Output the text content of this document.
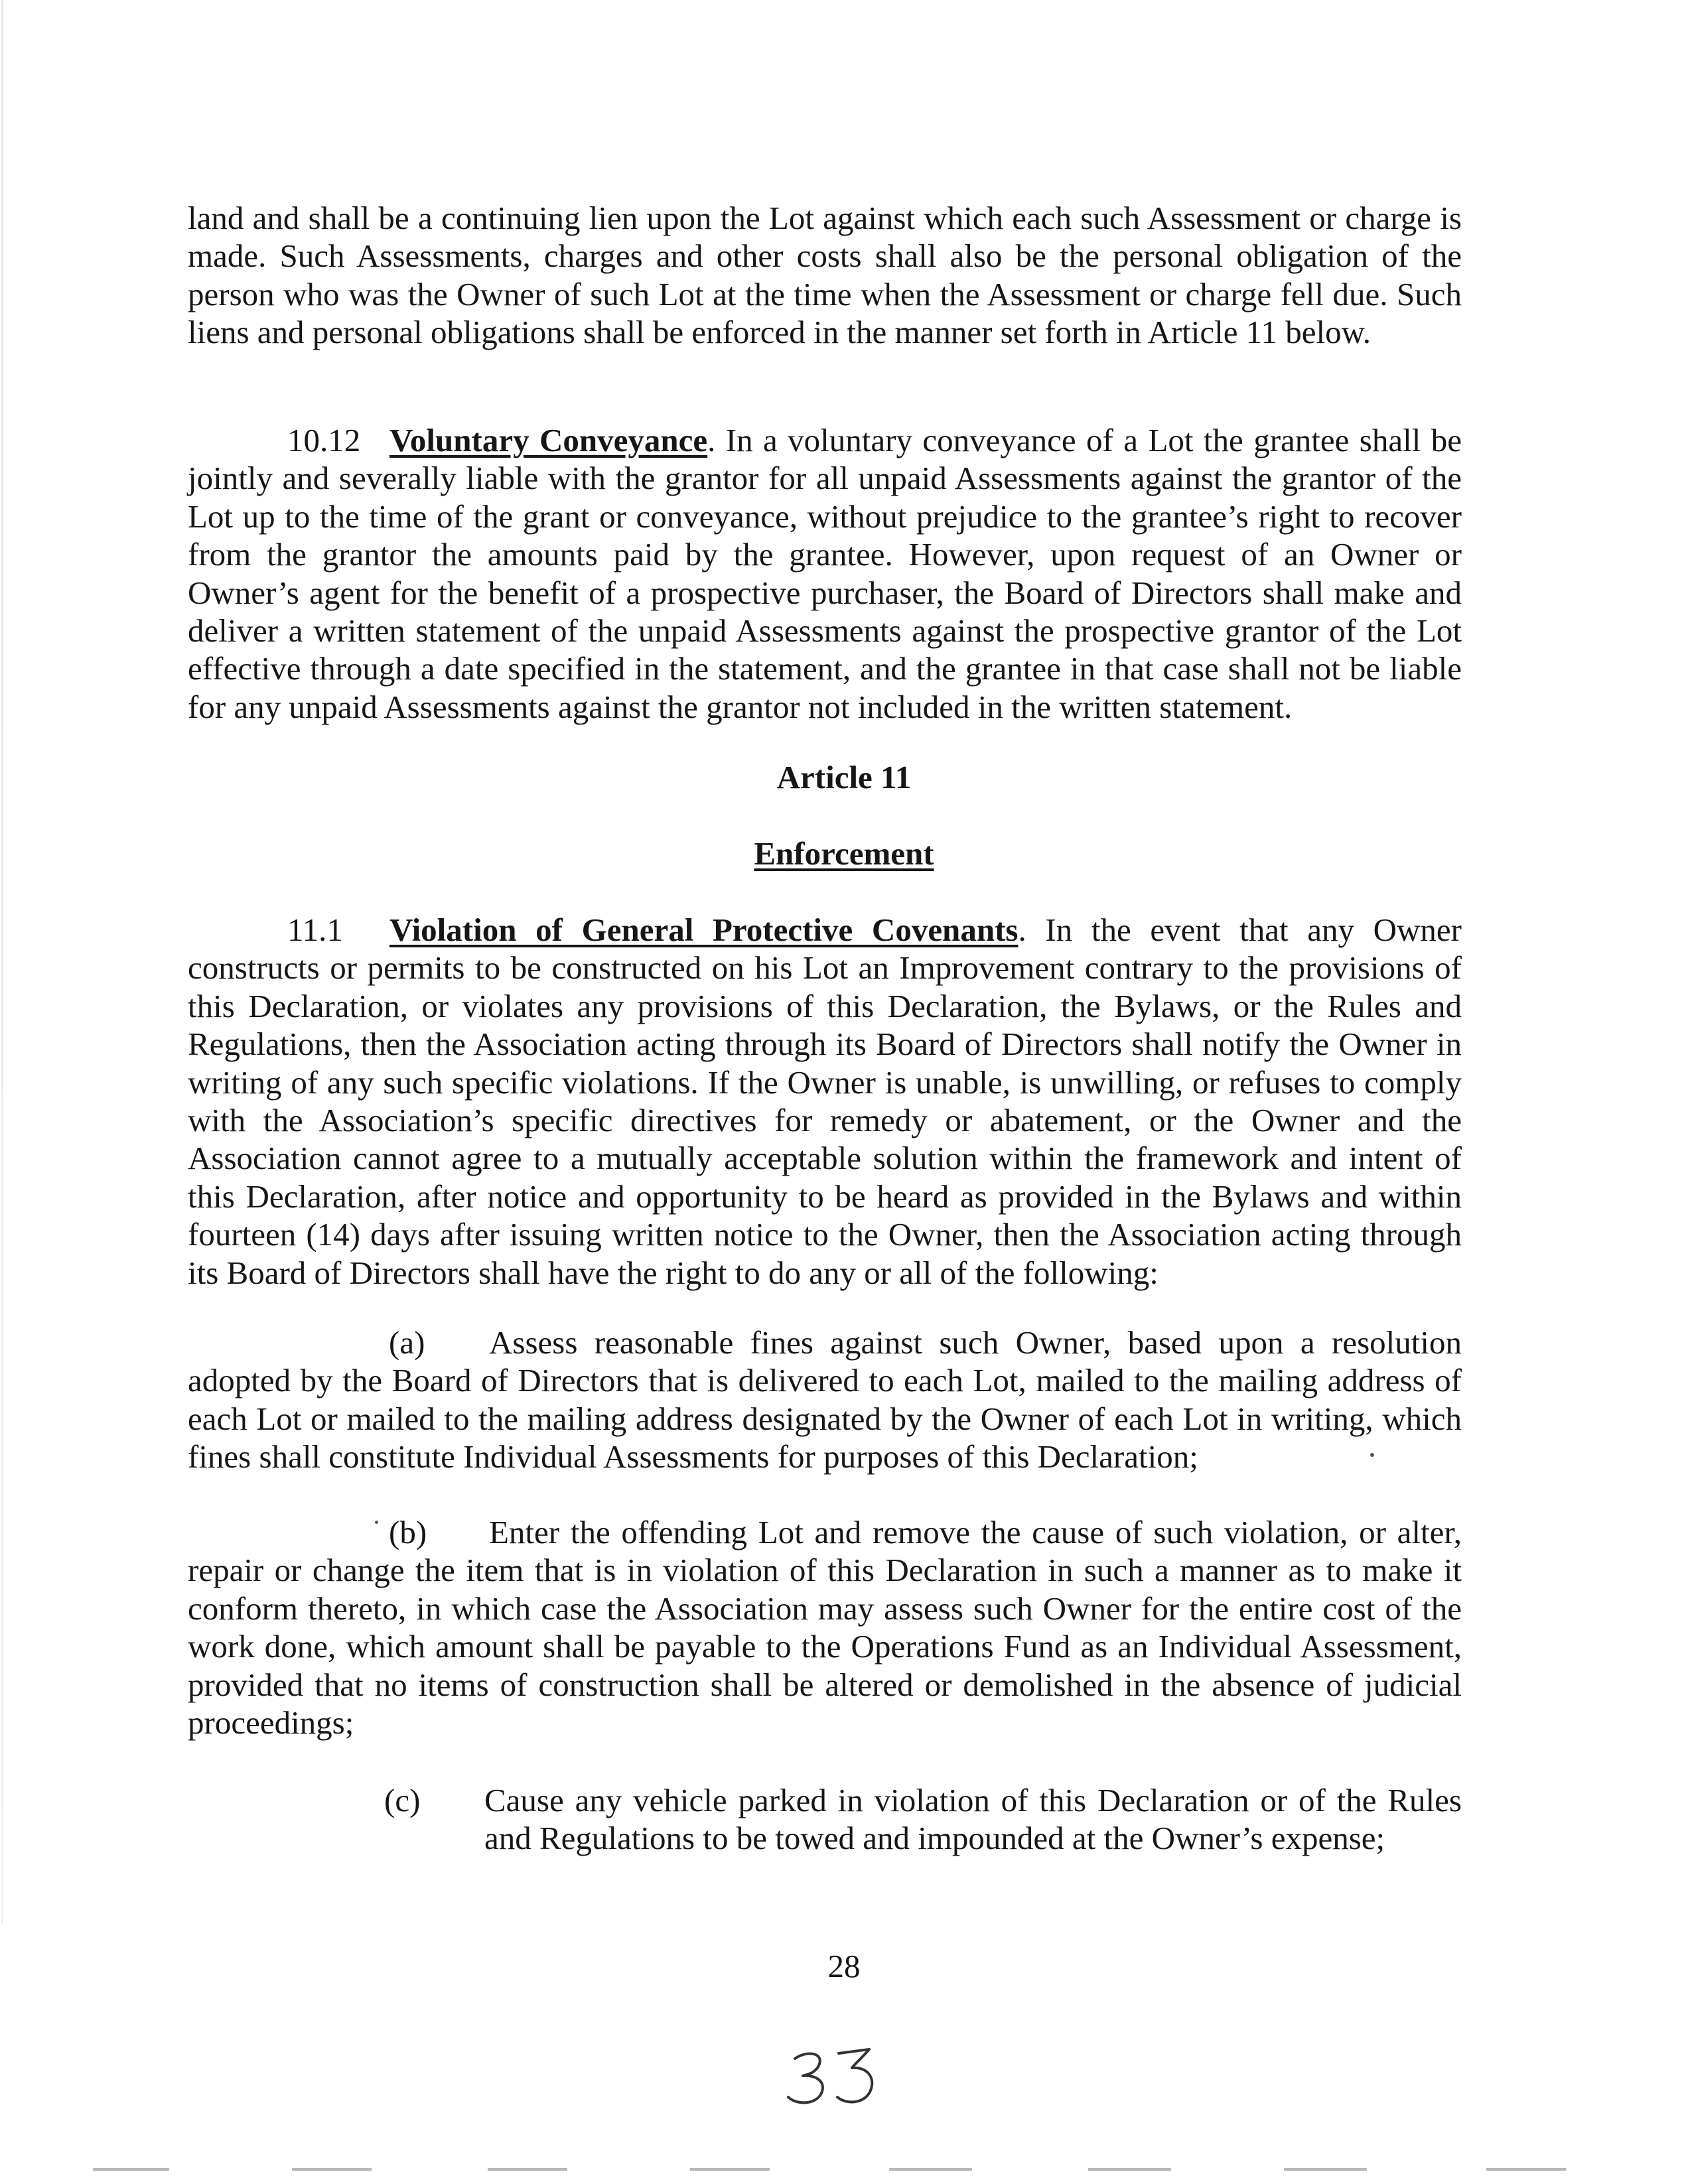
land and shall be a continuing lien upon the Lot against which each such Assessment or charge is made. Such Assessments, charges and other costs shall also be the personal obligation of the person who was the Owner of such Lot at the time when the Assessment or charge fell due. Such liens and personal obligations shall be enforced in the manner set forth in Article 11 below.
10.12 Voluntary Conveyance. In a voluntary conveyance of a Lot the grantee shall be jointly and severally liable with the grantor for all unpaid Assessments against the grantor of the Lot up to the time of the grant or conveyance, without prejudice to the grantee’s right to recover from the grantor the amounts paid by the grantee. However, upon request of an Owner or Owner’s agent for the benefit of a prospective purchaser, the Board of Directors shall make and deliver a written statement of the unpaid Assessments against the prospective grantor of the Lot effective through a date specified in the statement, and the grantee in that case shall not be liable for any unpaid Assessments against the grantor not included in the written statement.
Article 11
Enforcement
11.1 Violation of General Protective Covenants. In the event that any Owner constructs or permits to be constructed on his Lot an Improvement contrary to the provisions of this Declaration, or violates any provisions of this Declaration, the Bylaws, or the Rules and Regulations, then the Association acting through its Board of Directors shall notify the Owner in writing of any such specific violations. If the Owner is unable, is unwilling, or refuses to comply with the Association’s specific directives for remedy or abatement, or the Owner and the Association cannot agree to a mutually acceptable solution within the framework and intent of this Declaration, after notice and opportunity to be heard as provided in the Bylaws and within fourteen (14) days after issuing written notice to the Owner, then the Association acting through its Board of Directors shall have the right to do any or all of the following:
(a) Assess reasonable fines against such Owner, based upon a resolution adopted by the Board of Directors that is delivered to each Lot, mailed to the mailing address of each Lot or mailed to the mailing address designated by the Owner of each Lot in writing, which fines shall constitute Individual Assessments for purposes of this Declaration;
(b) Enter the offending Lot and remove the cause of such violation, or alter, repair or change the item that is in violation of this Declaration in such a manner as to make it conform thereto, in which case the Association may assess such Owner for the entire cost of the work done, which amount shall be payable to the Operations Fund as an Individual Assessment, provided that no items of construction shall be altered or demolished in the absence of judicial proceedings;
(c) Cause any vehicle parked in violation of this Declaration or of the Rules and Regulations to be towed and impounded at the Owner’s expense;
28
